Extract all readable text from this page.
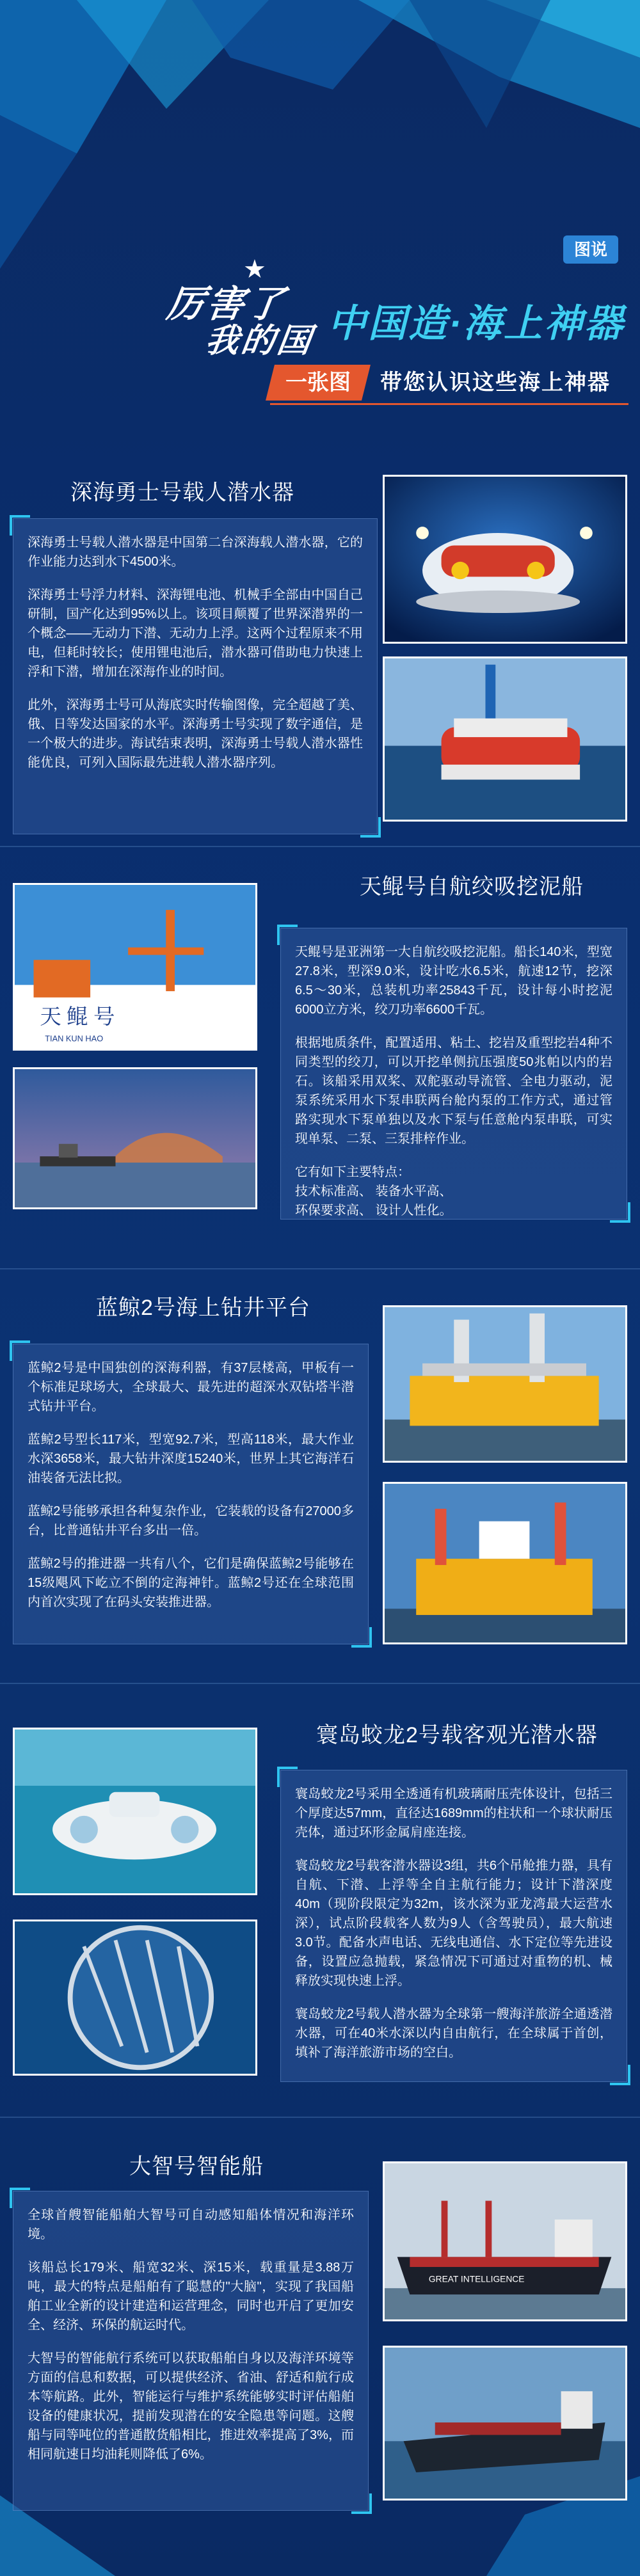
图说
★
厉害了
我的国 中国造·海上神器
一张图	带您认识这些海上神器
深海勇士号载人潜水器

深海勇士号载人潜水器是中国第二台深海载人潜水器，它的作业能力达到水下4500米。

深海勇士号浮力材料、深海锂电池、机械手全部由中国自己研制，国产化达到95%以上。该项目颠覆了世界深潜界的一个概念——无动力下潜、无动力上浮。这两个过程原来不用电，但耗时较长；使用锂电池后，潜水器可借助电力快速上浮和下潜，增加在深海作业的时间。

此外，深海勇士号可从海底实时传输图像，完全超越了美、俄、日等发达国家的水平。深海勇士号实现了数字通信，是一个极大的进步。海试结束表明，深海勇士号载人潜水器性能优良，可列入国际最先进载人潜水器序列。

天鲲号自航绞吸挖泥船
天 鲲 号
TIAN KUN HAO

天鲲号是亚洲第一大自航绞吸挖泥船。船长140米，型宽27.8米，型深9.0米，设计吃水6.5米，航速12节，挖深6.5～30米，总装机功率25843千瓦，设计每小时挖泥6000立方米，绞刀功率6600千瓦。

根据地质条件，配置适用、粘土、挖岩及重型挖岩4种不同类型的绞刀，可以开挖单侧抗压强度50兆帕以内的岩石。该船采用双桨、双舵驱动导流管、全电力驱动，泥泵系统采用水下泵串联两台舱内泵的工作方式，通过管路实现水下泵单独以及水下泵与任意舱内泵串联，可实现单泵、二泵、三泵排梓作业。

它有如下主要特点：
技术标准高、 装备水平高、
环保要求高、 设计人性化。

蓝鲸2号海上钻井平台

蓝鲸2号是中国独创的深海利器，有37层楼高，甲板有一个标准足球场大，全球最大、最先进的超深水双钻塔半潜式钻井平台。

蓝鲸2号型长117米，型宽92.7米，型高118米，最大作业水深3658米，最大钻井深度15240米，世界上其它海洋石油装备无法比拟。

蓝鲸2号能够承担各种复杂作业，它装载的设备有27000多台，比普通钻井平台多出一倍。

蓝鲸2号的推进器一共有八个，它们是确保蓝鲸2号能够在15级飓风下屹立不倒的定海神针。蓝鲸2号还在全球范围内首次实现了在码头安装推进器。

寰岛蛟龙2号载客观光潜水器

寰岛蛟龙2号采用全透通有机玻璃耐压壳体设计，包括三个厚度达57mm，直径达1689mm的柱状和一个球状耐压壳体，通过环形金属肩座连接。

寰岛蛟龙2号载客潜水器设3组，共6个吊舱推力器，具有自航、下潜、上浮等全自主航行能力；设计下潜深度40m（现阶段限定为32m，该水深为亚龙湾最大运营水深），试点阶段载客人数为9人（含驾驶员），最大航速3.0节。配备水声电话、无线电通信、水下定位等先进设备，设置应急抛载，紧急情况下可通过对重物的机、械释放实现快速上浮。

寰岛蛟龙2号载人潜水器为全球第一艘海洋旅游全通透潜水器，可在40米水深以内自由航行，在全球属于首创，填补了海洋旅游市场的空白。

大智号智能船

全球首艘智能船舶大智号可自动感知船体情况和海洋环境。

该船总长179米、船宽32米、深15米，载重量是3.88万吨，最大的特点是船舶有了聪慧的"大脑"，实现了我国船舶工业全新的设计建造和运营理念，同时也开启了更加安全、经济、环保的航运时代。

大智号的智能航行系统可以获取船舶自身以及海洋环境等方面的信息和数据，可以提供经济、省油、舒适和航行成本等航路。此外，智能运行与维护系统能够实时评估船舶设备的健康状况，提前发现潜在的安全隐患等问题。这艘船与同等吨位的普通散货船相比，推进效率提高了3%，而相同航速日均油耗则降低了6%。

GREAT INTELLIGENCE
